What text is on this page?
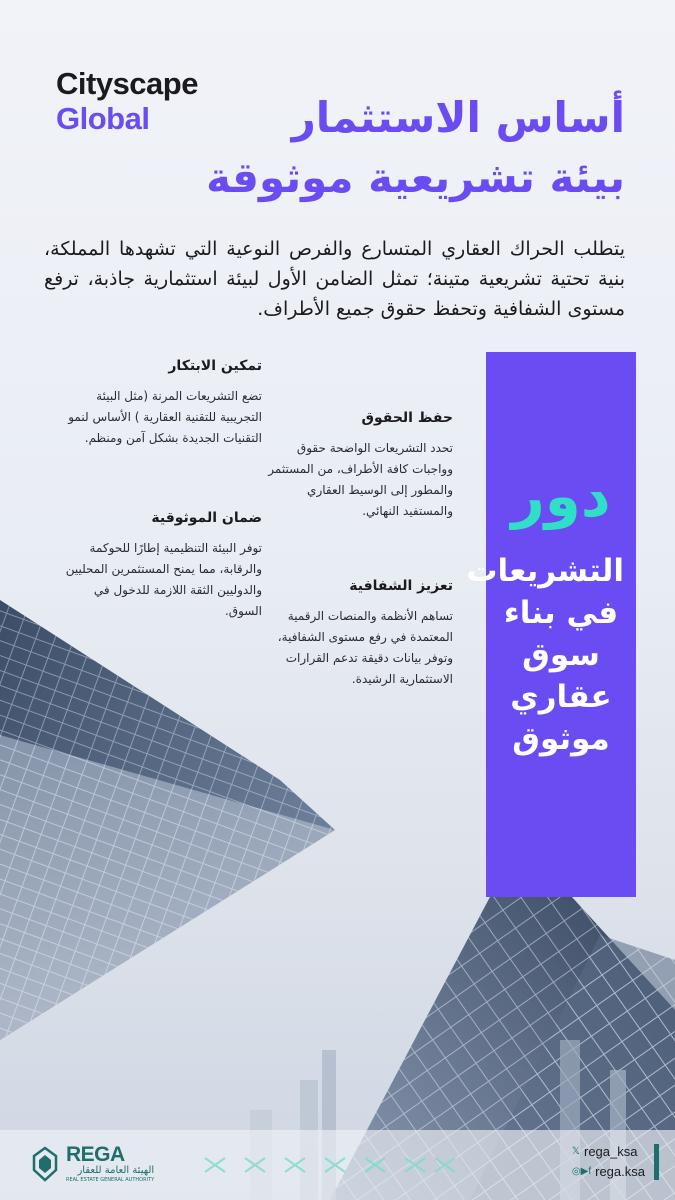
Cityscape
Global	أساس الاستثمار
بيئة تشريعية موثوقة
يتطلب الحراك العقاري المتسارع والفرص النوعية التي تشهدها المملكة، بنية تحتية تشريعية متينة؛ تمثل الضامن الأول لبيئة استثمارية جاذبة، ترفع مستوى الشفافية وتحفظ حقوق جميع الأطراف.
تمكين الابتكار

تضع التشريعات المرنة (مثل البيئة التجريبية للتقنية العقارية ) الأساس لنمو التقنيات الجديدة بشكل آمن ومنظم.

حفظ الحقوق

تحدد التشريعات الواضحة حقوق وواجبات كافة الأطراف، من المستثمر والمطور إلى الوسيط العقاري والمستفيد النهائي.

ضمان الموثوقية

توفر البيئة التنظيمية إطارًا للحوكمة والرقابة، مما يمنح المستثمرين المحليين والدوليين الثقة اللازمة للدخول في السوق.

تعزيز الشفافية

تساهم الأنظمة والمنصات الرقمية المعتمدة في رفع مستوى الشفافية، وتوفر بيانات دقيقة تدعم القرارات الاستثمارية الرشيدة.

دور
التشريعات
في بناء
سوق
عقاري
موثوق
REGA
الهيئة العامة للعقار
REAL ESTATE GENERAL AUTHORITY
𝕏 rega_ksa
◎▶f rega.ksa
